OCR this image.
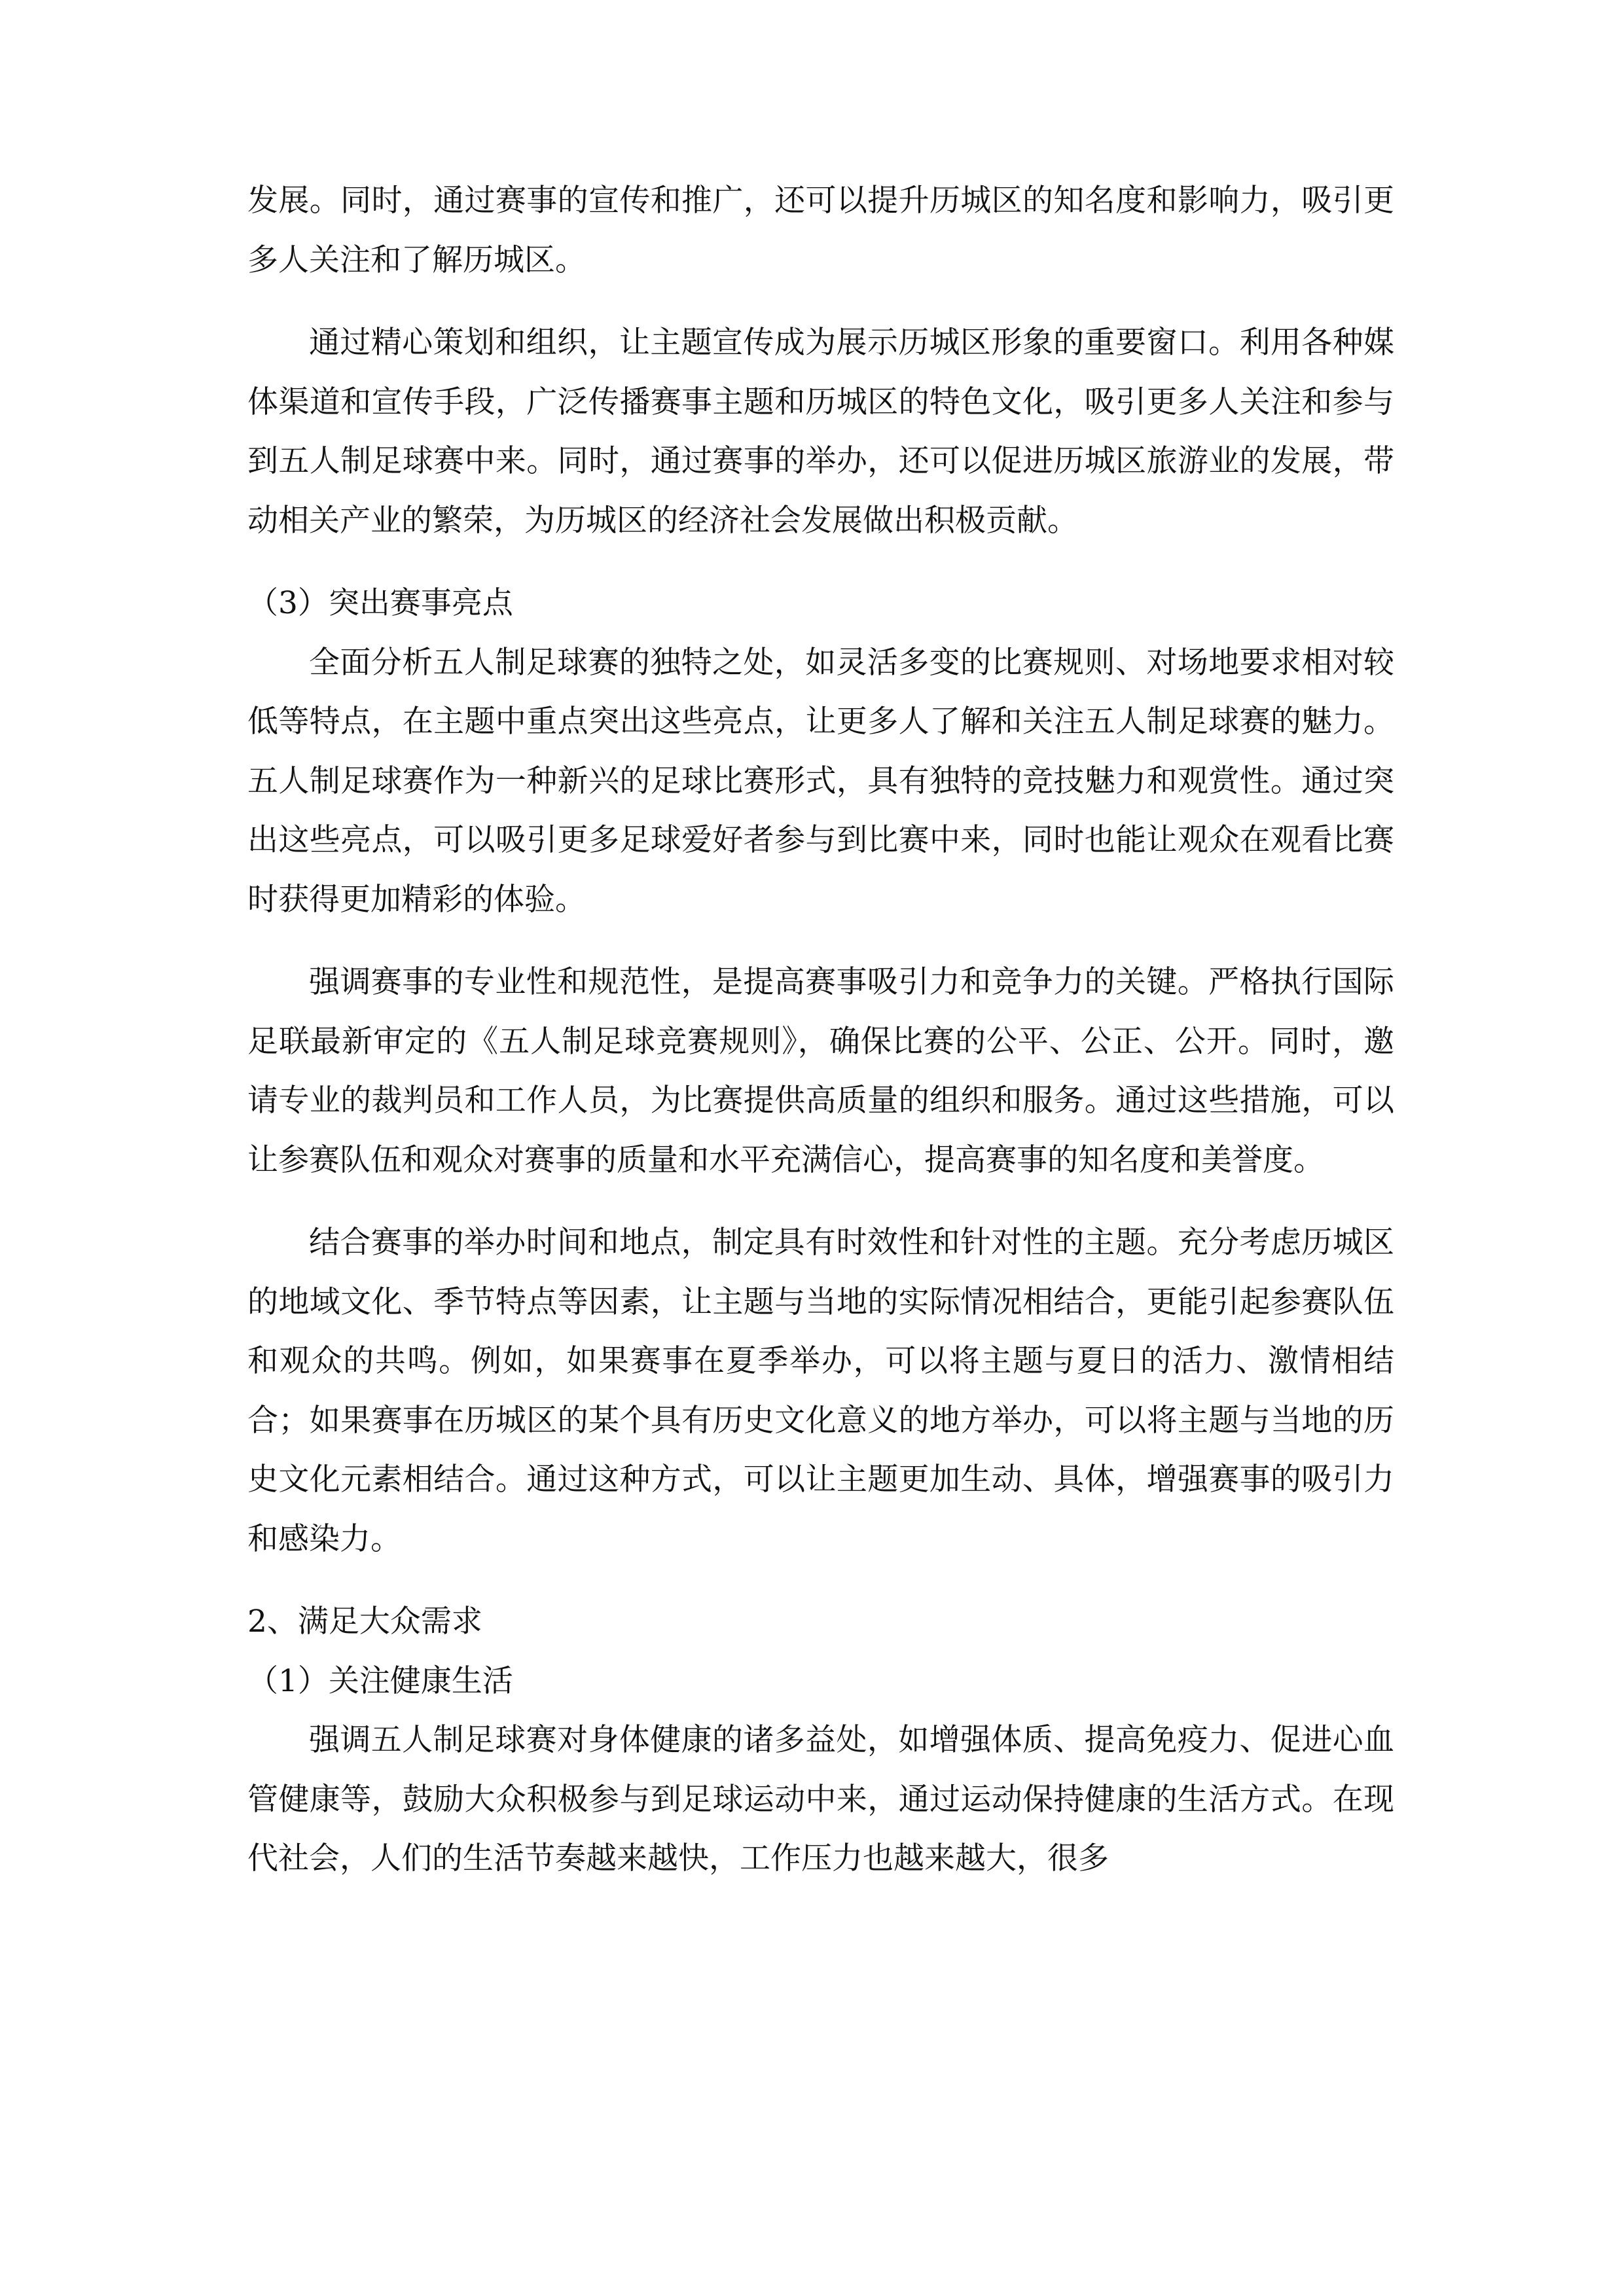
发展。同时，通过赛事的宣传和推广，还可以提升历城区的知名度和影响力，吸引更多人关注和了解历城区。

通过精心策划和组织，让主题宣传成为展示历城区形象的重要窗口。利用各种媒体渠道和宣传手段，广泛传播赛事主题和历城区的特色文化，吸引更多人关注和参与到五人制足球赛中来。同时，通过赛事的举办，还可以促进历城区旅游业的发展，带动相关产业的繁荣，为历城区的经济社会发展做出积极贡献。

（3）突出赛事亮点

全面分析五人制足球赛的独特之处，如灵活多变的比赛规则、对场地要求相对较低等特点，在主题中重点突出这些亮点，让更多人了解和关注五人制足球赛的魅力。五人制足球赛作为一种新兴的足球比赛形式，具有独特的竞技魅力和观赏性。通过突出这些亮点，可以吸引更多足球爱好者参与到比赛中来，同时也能让观众在观看比赛时获得更加精彩的体验。

强调赛事的专业性和规范性，是提高赛事吸引力和竞争力的关键。严格执行国际足联最新审定的《五人制足球竞赛规则》，确保比赛的公平、公正、公开。同时，邀请专业的裁判员和工作人员，为比赛提供高质量的组织和服务。通过这些措施，可以让参赛队伍和观众对赛事的质量和水平充满信心，提高赛事的知名度和美誉度。

结合赛事的举办时间和地点，制定具有时效性和针对性的主题。充分考虑历城区的地域文化、季节特点等因素，让主题与当地的实际情况相结合，更能引起参赛队伍和观众的共鸣。例如，如果赛事在夏季举办，可以将主题与夏日的活力、激情相结合；如果赛事在历城区的某个具有历史文化意义的地方举办，可以将主题与当地的历史文化元素相结合。通过这种方式，可以让主题更加生动、具体，增强赛事的吸引力和感染力。

2、满足大众需求

（1）关注健康生活

强调五人制足球赛对身体健康的诸多益处，如增强体质、提高免疫力、促进心血管健康等，鼓励大众积极参与到足球运动中来，通过运动保持健康的生活方式。在现代社会，人们的生活节奏越来越快，工作压力也越来越大，很多
